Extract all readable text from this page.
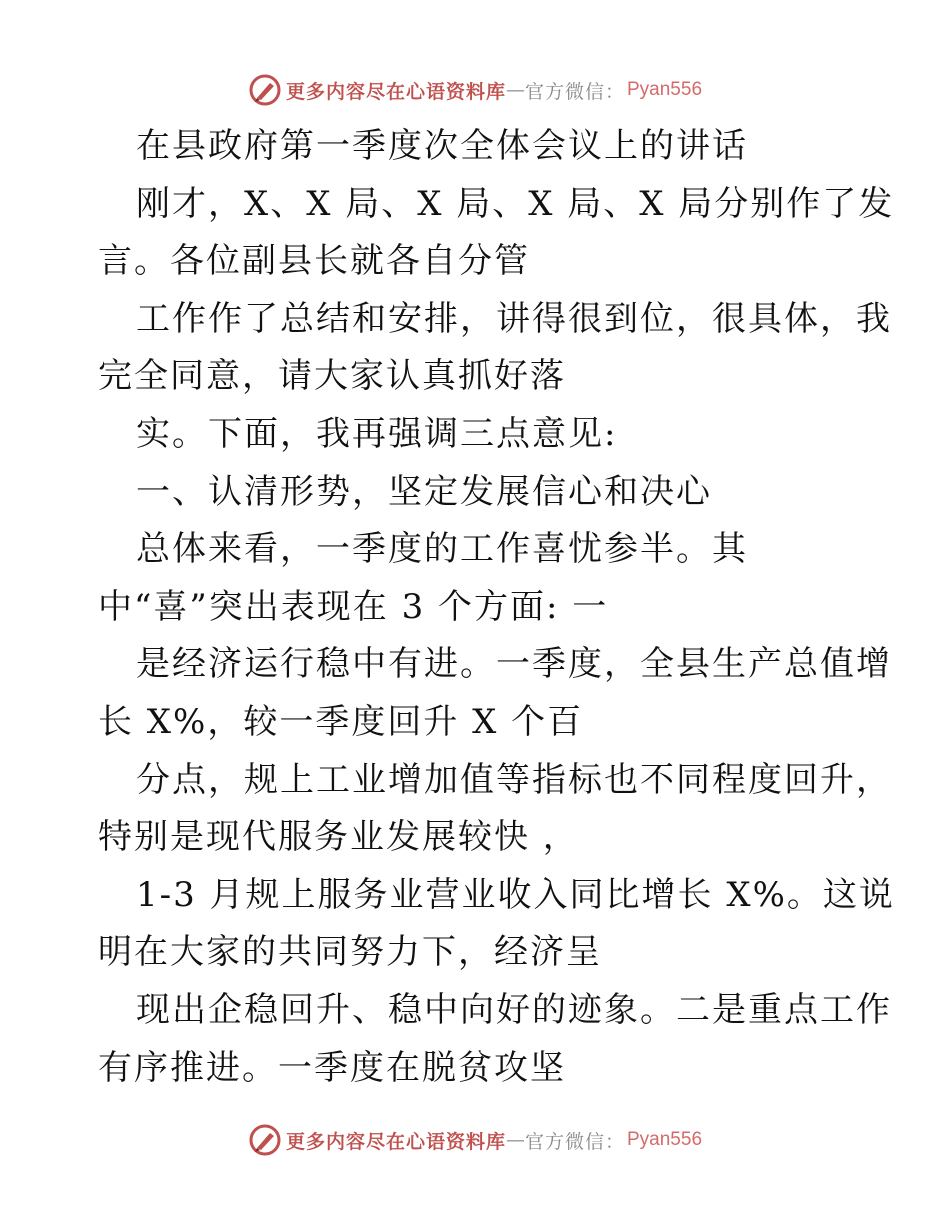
更多内容尽在心语资料库 — 官方微信： Pyan556
在县政府第一季度次全体会议上的讲话
刚才，X、X 局、X 局、X 局、X 局分别作了发
言。各位副县长就各自分管
工作作了总结和安排，讲得很到位，很具体，我
完全同意，请大家认真抓好落
实。下面，我再强调三点意见:
一、认清形势，坚定发展信心和决心
总体来看，一季度的工作喜忧参半。其
中“喜”突出表现在 3 个方面: 一
是经济运行稳中有进。一季度，全县生产总值增
长 X%，较一季度回升 X 个百
分点，规上工业增加值等指标也不同程度回升，
特别是现代服务业发展较快 ，
1-3 月规上服务业营业收入同比增长 X%。这说
明在大家的共同努力下，经济呈
现出企稳回升、稳中向好的迹象。二是重点工作
有序推进。一季度在脱贫攻坚
更多内容尽在心语资料库 — 官方微信： Pyan556
